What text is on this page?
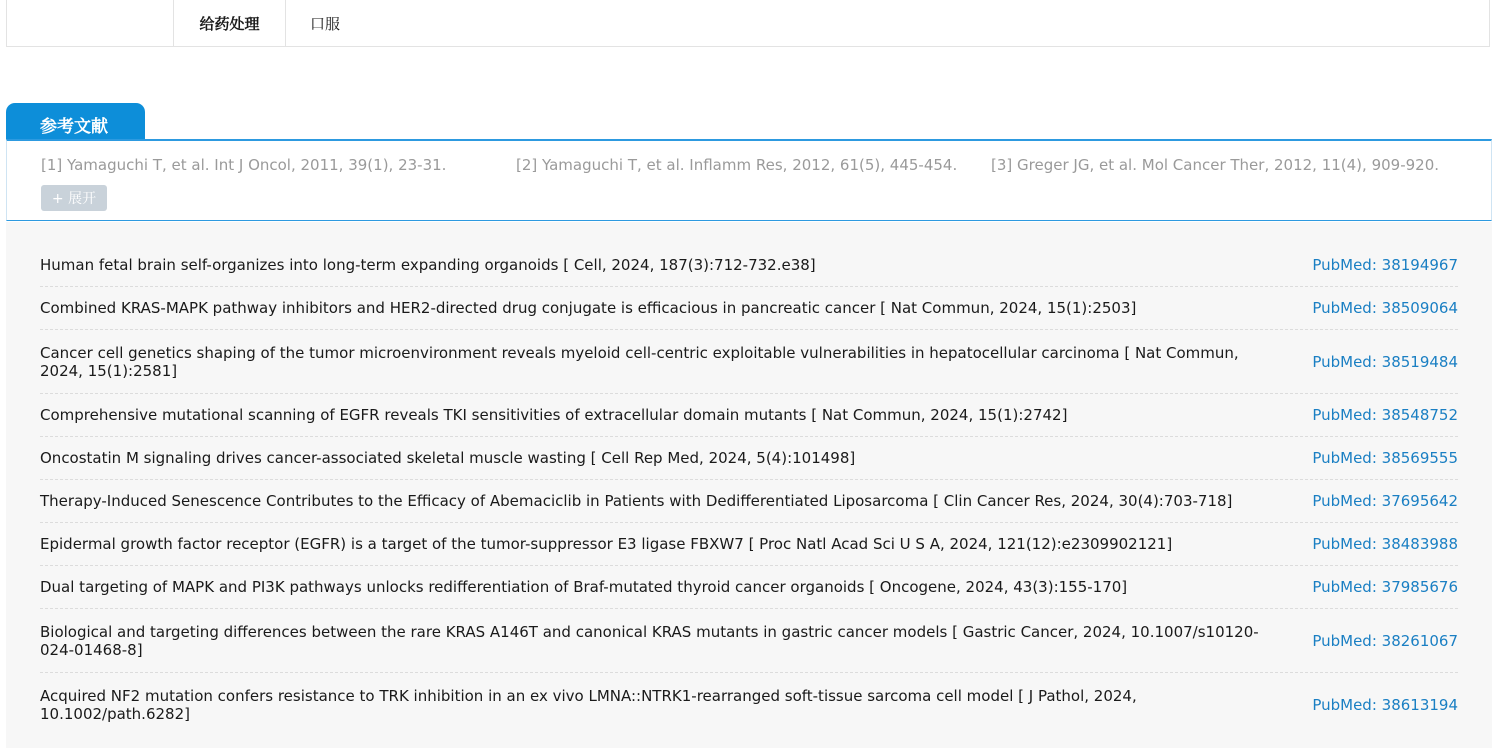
给药处理	口服
参考文献
[1] Yamaguchi T, et al. Int J Oncol, 2011, 39(1), 23-31.	[2] Yamaguchi T, et al. Inflamm Res, 2012, 61(5), 445-454. [3] Greger JG, et al. Mol Cancer Ther, 2012, 11(4), 909-920.
+ 展开
Human fetal brain self-organizes into long-term expanding organoids [ Cell, 2024, 187(3):712-732.e38]	PubMed: 38194967
Combined KRAS-MAPK pathway inhibitors and HER2-directed drug conjugate is efficacious in pancreatic cancer [ Nat Commun, 2024, 15(1):2503]	PubMed: 38509064
Cancer cell genetics shaping of the tumor microenvironment reveals myeloid cell-centric exploitable vulnerabilities in hepatocellular carcinoma [ Nat Commun, 2024, 15(1):2581]	PubMed: 38519484
Comprehensive mutational scanning of EGFR reveals TKI sensitivities of extracellular domain mutants [ Nat Commun, 2024, 15(1):2742]	PubMed: 38548752
Oncostatin M signaling drives cancer-associated skeletal muscle wasting [ Cell Rep Med, 2024, 5(4):101498]	PubMed: 38569555
Therapy-Induced Senescence Contributes to the Efficacy of Abemaciclib in Patients with Dedifferentiated Liposarcoma [ Clin Cancer Res, 2024, 30(4):703-718]	PubMed: 37695642
Epidermal growth factor receptor (EGFR) is a target of the tumor-suppressor E3 ligase FBXW7 [ Proc Natl Acad Sci U S A, 2024, 121(12):e2309902121]	PubMed: 38483988
Dual targeting of MAPK and PI3K pathways unlocks redifferentiation of Braf-mutated thyroid cancer organoids [ Oncogene, 2024, 43(3):155-170]	PubMed: 37985676
Biological and targeting differences between the rare KRAS A146T and canonical KRAS mutants in gastric cancer models [ Gastric Cancer, 2024, 10.1007/s10120-024-01468-8]	PubMed: 38261067
Acquired NF2 mutation confers resistance to TRK inhibition in an ex vivo LMNA::NTRK1-rearranged soft-tissue sarcoma cell model [ J Pathol, 2024, 10.1002/path.6282]	PubMed: 38613194
